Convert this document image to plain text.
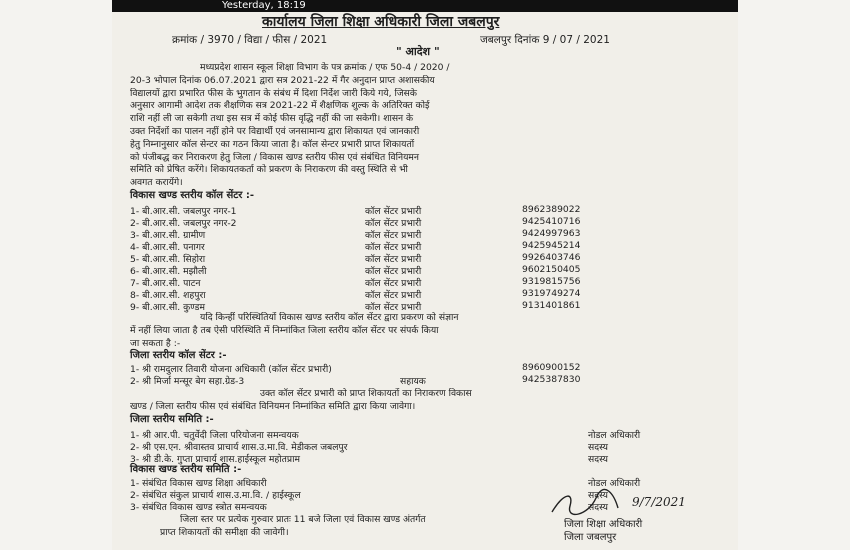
Yesterday, 18:19
कार्यालय जिला शिक्षा अधिकारी जिला जबलपुर
क्रमांक / 3970 / विद्या / फीस / 2021	जबलपुर दिनांक 9 / 07 / 2021
" आदेश "
मध्यप्रदेश शासन स्कूल शिक्षा विभाग के पत्र क्रमांक / एफ 50-4 / 2020 /
20-3 भोपाल दिनांक 06.07.2021 द्वारा सत्र 2021-22 में गैर अनुदान प्राप्त अशासकीय
विद्यालयों द्वारा प्रभारित फीस के भुगतान के संबंध में दिशा निर्देश जारी किये गये, जिसके
अनुसार आगामी आदेश तक शैक्षणिक सत्र 2021-22 में शैक्षणिक शुल्क के अतिरिक्त कोई
राशि नहीं ली जा सकेगी तथा इस सत्र में कोई फीस वृद्धि नहीं की जा सकेगी। शासन के
उक्त निर्देशों का पालन नहीं होने पर विद्यार्थी एवं जनसामान्य द्वारा शिकायत एवं जानकारी
हेतु निम्नानुसार कॉल सेन्टर का गठन किया जाता है। कॉल सेन्टर प्रभारी प्राप्त शिकायतों
को पंजीबद्ध कर निराकरण हेतु जिला / विकास खण्ड स्तरीय फीस एवं संबंधित विनियमन
समिति को प्रेषित करेंगे। शिकायतकर्ता को प्रकरण के निराकरण की वस्तु स्थिति से भी
अवगत करायेंगे।
विकास खण्ड स्तरीय कॉल सेंटर :-
1- बी.आर.सी. जबलपुर नगर-1	कॉल सेंटर प्रभारी	8962389022
2- बी.आर.सी. जबलपुर नगर-2	कॉल सेंटर प्रभारी	9425410716
3- बी.आर.सी. ग्रामीण	कॉल सेंटर प्रभारी	9424997963
4- बी.आर.सी. पनागर	कॉल सेंटर प्रभारी	9425945214
5- बी.आर.सी. सिहोरा	कॉल सेंटर प्रभारी	9926403746
6- बी.आर.सी. मझौली	कॉल सेंटर प्रभारी	9602150405
7- बी.आर.सी. पाटन	कॉल सेंटर प्रभारी	9319815756
8- बी.आर.सी. शहपुरा	कॉल सेंटर प्रभारी	9319749274
9- बी.आर.सी. कुण्डम	कॉल सेंटर प्रभारी	9131401861
यदि किन्हीं परिस्थितियों विकास खण्ड स्तरीय कॉल सेंटर द्वारा प्रकरण को संज्ञान
में नहीं लिया जाता है तब ऐसी परिस्थिति में निम्नांकित जिला स्तरीय कॉल सेंटर पर संपर्क किया
जा सकता है :-
जिला स्तरीय कॉल सेंटर :-
1- श्री रामदुलार तिवारी योजना अधिकारी (कॉल सेंटर प्रभारी)	8960900152
2- श्री मिर्जा मन्सूर बेग सहा.ग्रेड-3	सहायक	9425387830
उक्त कॉल सेंटर प्रभारी को प्राप्त शिकायतों का निराकरण विकास
खण्ड / जिला स्तरीय फीस एवं संबंधित विनियमन निम्नांकित समिति द्वारा किया जावेगा।
जिला स्तरीय समिति :-
1- श्री आर.पी. चतुर्वेदी जिला परियोजना समन्वयक	नोडल अधिकारी
2- श्री एस.एन. श्रीवास्तव प्राचार्य शास.उ.मा.वि. मेडीकल जबलपुर	सदस्य
3- श्री डी.के. गुप्ता प्राचार्य शास.हाईस्कूल महोतप्राम	सदस्य
विकास खण्ड स्तरीय समिति :-
1- संबंधित विकास खण्ड शिक्षा अधिकारी	नोडल अधिकारी
2- संबंधित संकुल प्राचार्य शास.उ.मा.वि. / हाईस्कूल	सदस्य
3- संबंधित विकास खण्ड स्त्रोत समन्वयक	सदस्य
जिला स्तर पर प्रत्येक गुरुवार प्रातः 11 बजे जिला एवं विकास खण्ड अंतर्गत
प्राप्त शिकायतों की समीक्षा की जावेगी।
9/7/2021
जिला शिक्षा अधिकारी
जिला जबलपुर
